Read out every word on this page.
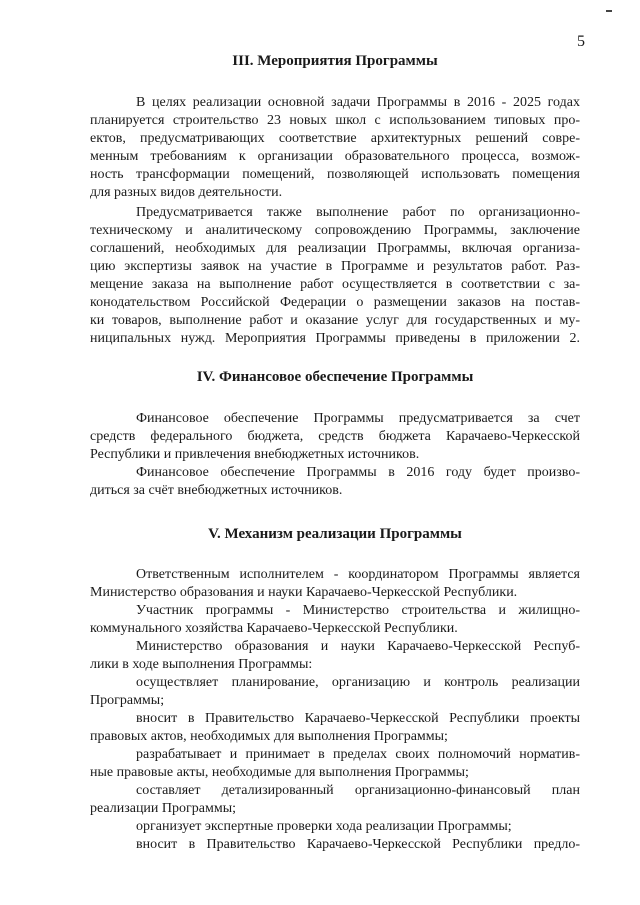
5
III. Мероприятия Программы
В целях реализации основной задачи Программы в 2016 - 2025 годах
планируется строительство 23 новых школ с использованием типовых про-
ектов, предусматривающих соответствие архитектурных решений совре-
менным требованиям к организации образовательного процесса, возмож-
ность трансформации помещений, позволяющей использовать помещения
для разных видов деятельности.
Предусматривается также выполнение работ по организационно-
техническому и аналитическому сопровождению Программы, заключение
соглашений, необходимых для реализации Программы, включая организа-
цию экспертизы заявок на участие в Программе и результатов работ. Раз-
мещение заказа на выполнение работ осуществляется в соответствии с за-
конодательством Российской Федерации о размещении заказов на постав-
ки товаров, выполнение работ и оказание услуг для государственных и му-
ниципальных нужд. Мероприятия Программы приведены в приложении 2.
IV. Финансовое обеспечение Программы
Финансовое обеспечение Программы предусматривается за счет
средств федерального бюджета, средств бюджета Карачаево-Черкесской
Республики и привлечения внебюджетных источников.
Финансовое обеспечение Программы в 2016 году будет произво-
диться за счёт внебюджетных источников.
V. Механизм реализации Программы
Ответственным исполнителем - координатором Программы является
Министерство образования и науки Карачаево-Черкесской Республики.
Участник программы - Министерство строительства и жилищно-
коммунального хозяйства Карачаево-Черкесской Республики.
Министерство образования и науки Карачаево-Черкесской Респуб-
лики в ходе выполнения Программы:
осуществляет планирование, организацию и контроль реализации
Программы;
вносит в Правительство Карачаево-Черкесской Республики проекты
правовых актов, необходимых для выполнения Программы;
разрабатывает и принимает в пределах своих полномочий норматив-
ные правовые акты, необходимые для выполнения Программы;
составляет детализированный организационно-финансовый план
реализации Программы;
организует экспертные проверки хода реализации Программы;
вносит в Правительство Карачаево-Черкесской Республики предло-
